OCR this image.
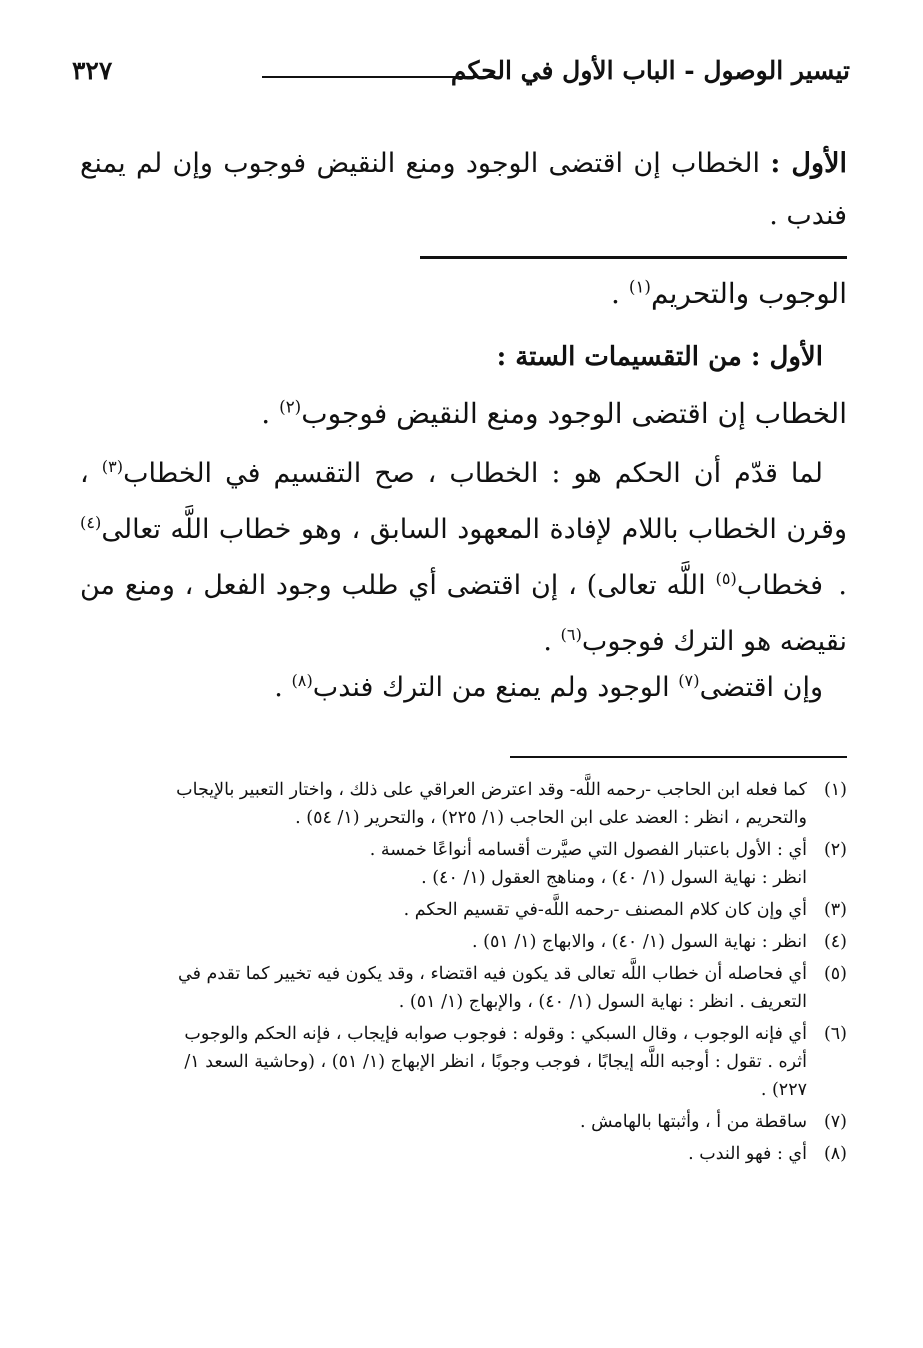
تيسير الوصول - الباب الأول في الحكم
٣٢٧
الأول : الخطاب إن اقتضى الوجود ومنع النقيض فوجوب وإن لم يمنع فندب .
الوجوب والتحريم$^{(١)}$ .
الأول : من التقسيمات الستة :
الخطاب إن اقتضى الوجود ومنع النقيض فوجوب$^{(٢)}$ .
لما قدّم أن الحكم هو : الخطاب ، صح التقسيم في الخطاب$^{(٣)}$ ، وقرن الخطاب باللام لإفادة المعهود السابق ، وهو خطاب اللَّه تعالى$^{(٤)}$ .
فخطاب$^{(٥)}$ اللَّه تعالى) ، إن اقتضى أي طلب وجود الفعل ، ومنع من نقيضه هو الترك فوجوب$^{(٦)}$ .
وإن اقتضى$^{(٧)}$ الوجود ولم يمنع من الترك فندب$^{(٨)}$ .
(١)
كما فعله ابن الحاجب -رحمه اللَّه- وقد اعترض العراقي على ذلك ، واختار التعبير بالإيجاب
والتحريم ، انظر : العضد على ابن الحاجب (١/ ٢٢٥) ، والتحرير (١/ ٥٤) .
(٢)
أي : الأول باعتبار الفصول التي صيَّرت أقسامه أنواعًا خمسة .
انظر : نهاية السول (١/ ٤٠) ، ومناهج العقول (١/ ٤٠) .
(٣)
أي وإن كان كلام المصنف -رحمه اللَّه-في تقسيم الحكم .
(٤)
انظر : نهاية السول (١/ ٤٠) ، والابهاج (١/ ٥١) .
(٥)
أي فحاصله أن خطاب اللَّه تعالى قد يكون فيه اقتضاء ، وقد يكون فيه تخيير كما تقدم في
التعريف . انظر : نهاية السول (١/ ٤٠) ، والإبهاج (١/ ٥١) .
(٦)
أي فإنه الوجوب ، وقال السبكي : وقوله : فوجوب صوابه فإيجاب ، فإنه الحكم والوجوب
أثره . تقول : أوجبه اللَّه إيجابًا ، فوجب وجوبًا ، انظر الإبهاج (١/ ٥١) ، (وحاشية السعد ١/
٢٢٧) .
(٧)
ساقطة من أ ، وأثبتها بالهامش .
(٨)
أي : فهو الندب .
